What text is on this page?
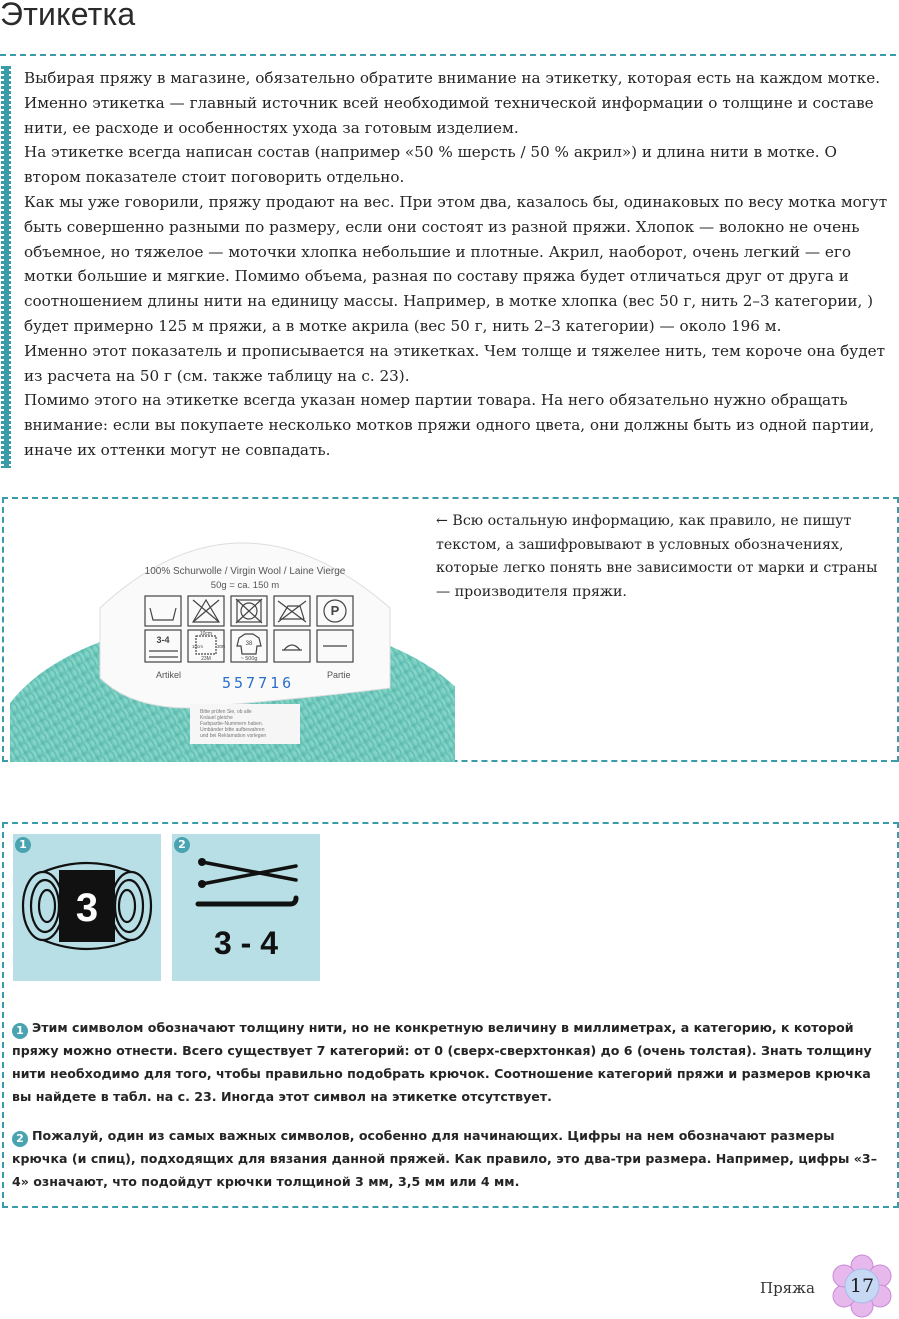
Этикетка

Выбирая пряжу в магазине, обязательно обратите внимание на этикетку, которая есть на каждом мотке. Именно этикетка — главный источник всей необходимой технической информации о толщине и составе нити, ее расходе и особенностях ухода за готовым изделием.

На этикетке всегда написан состав (например «50 % шерсть / 50 % акрил») и длина нити в мотке. О втором показателе стоит поговорить отдельно.

Как мы уже говорили, пряжу продают на вес. При этом два, казалось бы, одинаковых по весу мотка могут быть совершенно разными по размеру, если они состоят из разной пряжи. Хлопок — волокно не очень объемное, но тяжелое — моточки хлопка небольшие и плотные. Акрил, наоборот, очень легкий — его мотки большие и мягкие. Помимо объема, разная по составу пряжа будет отличаться друг от друга и соотношением длины нити на единицу массы. Например, в мотке хлопка (вес 50 г, нить 2–3 категории, ) будет примерно 125 м пряжи, а в мотке акрила (вес 50 г, нить 2–3 категории) — около 196 м.

Именно этот показатель и прописывается на этикетках. Чем толще и тяжелее нить, тем короче она будет из расчета на 50 г (см. также таблицу на с. 23).

Помимо этого на этикетке всегда указан номер партии товара. На него обязательно нужно обращать внимание: если вы покупаете несколько мотков пряжи одного цвета, они должны быть из одной партии, иначе их оттенки могут не совпадать.

100% Schurwolle / Virgin Wool / Laine Vierge
50g = ca. 150 m
P
3-4
10cm
10cm	30R
23M
38
~ 500g
Artikel	Partie
557716
Bitte prüfen Sie, ob alle
Knäuel gleiche
Farbpartie-Nummern haben.
Umbänder bitte aufbewahren
und bei Reklamation vorlegen
← Всю остальную информацию, как правило, не пишут текстом, а зашифровывают в условных обозначениях, которые легко понять вне зависимости от марки и страны — производителя пряжи.
1
3
2
3 - 4

1 Этим символом обозначают толщину нити, но не конкретную величину в миллиметрах, а категорию, к которой пряжу можно отнести. Всего существует 7 категорий: от 0 (сверх-сверхтонкая) до 6 (очень толстая). Знать толщину нити необходимо для того, чтобы правильно подобрать крючок. Соотношение категорий пряжи и размеров крючка вы найдете в табл. на с. 23. Иногда этот символ на этикетке отсутствует.

2 Пожалуй, один из самых важных символов, особенно для начинающих. Цифры на нем обозначают размеры крючка (и спиц), подходящих для вязания данной пряжей. Как правило, это два-три размера. Например, цифры «3–4» означают, что подойдут крючки толщиной 3 мм, 3,5 мм или 4 мм.

Пряжа	17
